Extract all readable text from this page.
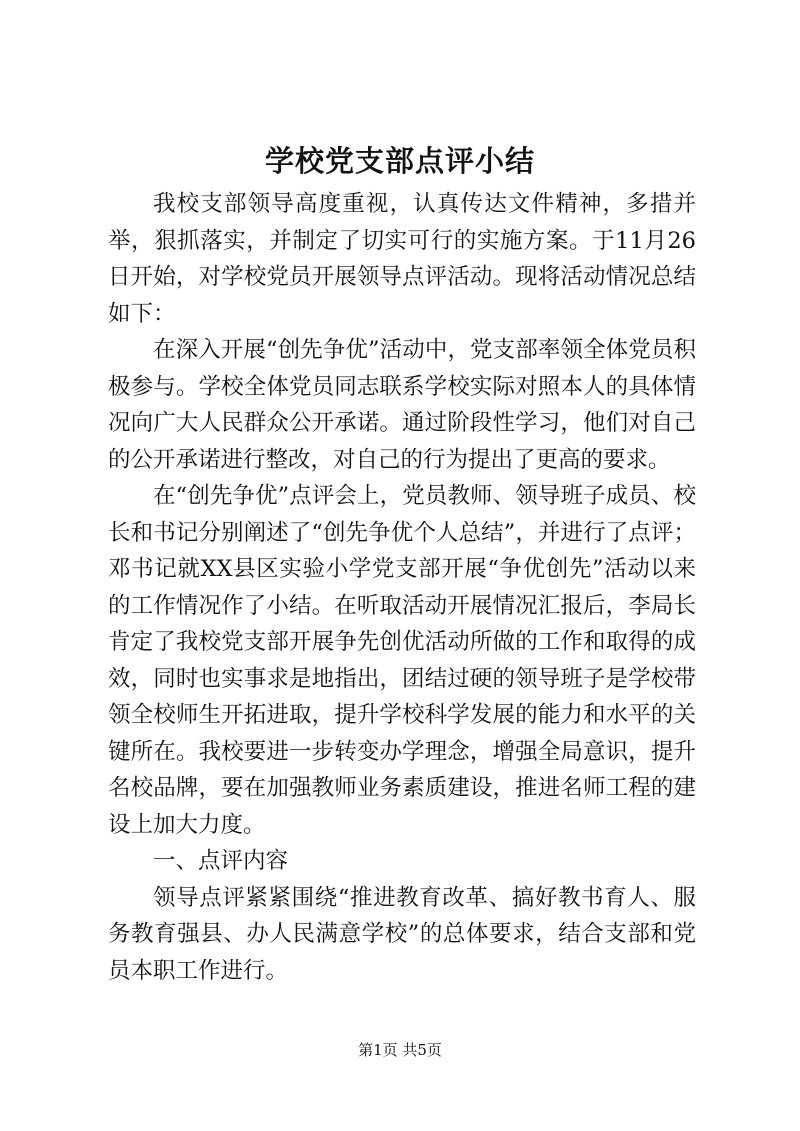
学校党支部点评小结

我校支部领导高度重视，认真传达文件精神，多措并举，狠抓落实，并制定了切实可行的实施方案。于11月26日开始，对学校党员开展领导点评活动。现将活动情况总结如下：

在深入开展“创先争优”活动中，党支部率领全体党员积极参与。学校全体党员同志联系学校实际对照本人的具体情况向广大人民群众公开承诺。通过阶段性学习，他们对自己的公开承诺进行整改，对自己的行为提出了更高的要求。

在“创先争优”点评会上，党员教师、领导班子成员、校长和书记分别阐述了“创先争优个人总结”，并进行了点评；邓书记就XX县区实验小学党支部开展“争优创先”活动以来的工作情况作了小结。在听取活动开展情况汇报后，李局长肯定了我校党支部开展争先创优活动所做的工作和取得的成效，同时也实事求是地指出，团结过硬的领导班子是学校带领全校师生开拓进取，提升学校科学发展的能力和水平的关键所在。我校要进一步转变办学理念，增强全局意识，提升名校品牌，要在加强教师业务素质建设，推进名师工程的建设上加大力度。

一、点评内容

领导点评紧紧围绕“推进教育改革、搞好教书育人、服务教育强县、办人民满意学校”的总体要求，结合支部和党员本职工作进行。

第1页 共5页
